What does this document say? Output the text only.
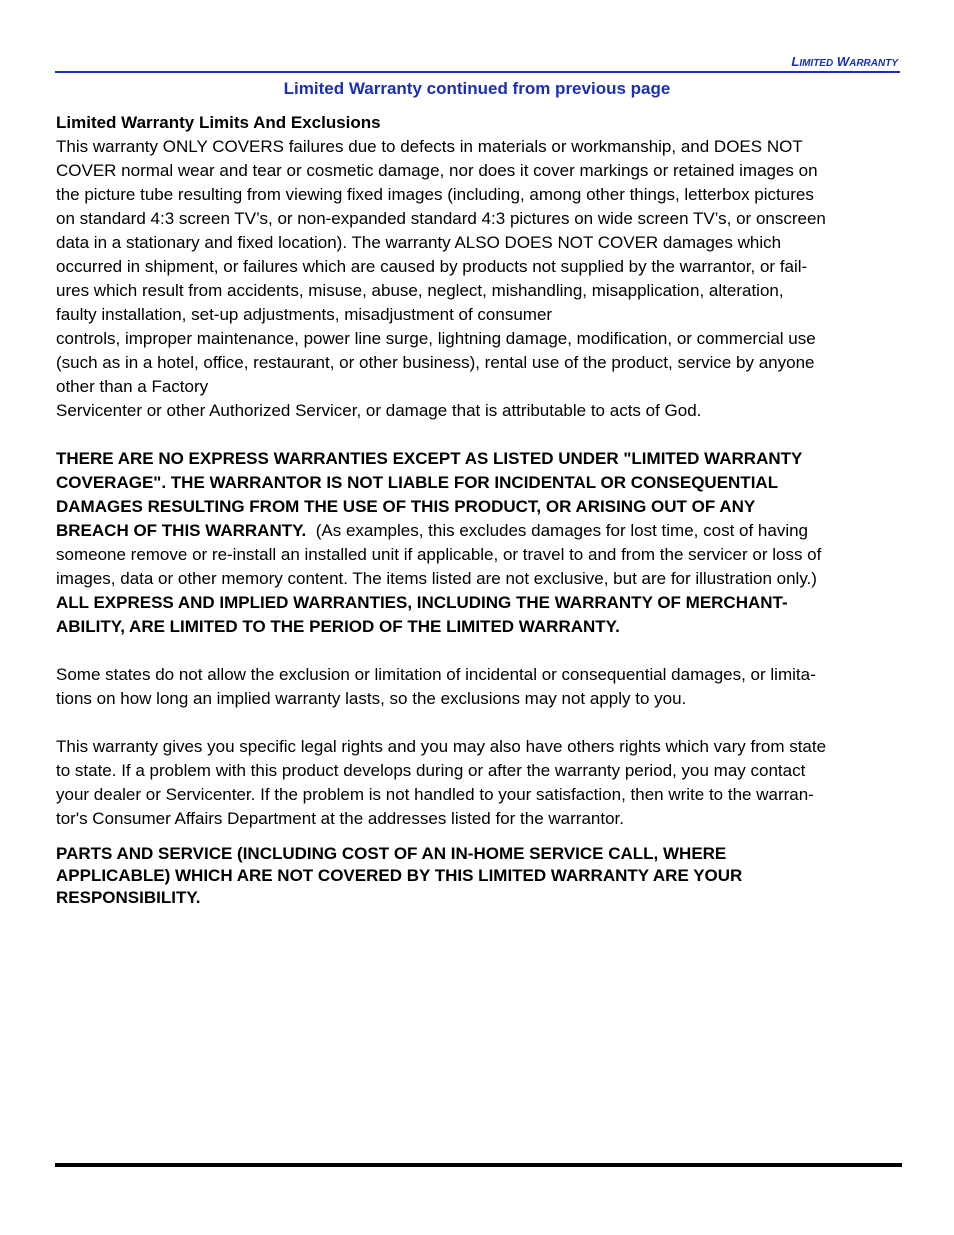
LIMITED WARRANTY
Limited Warranty continued from previous page

Limited Warranty Limits And Exclusions

This warranty ONLY COVERS failures due to defects in materials or workmanship, and DOES NOT

COVER normal wear and tear or cosmetic damage, nor does it cover markings or retained images on

the picture tube resulting from viewing fixed images (including, among other things, letterbox pictures

on standard 4:3 screen TV’s, or non-expanded standard 4:3 pictures on wide screen TV’s, or onscreen

data in a stationary and fixed location). The warranty ALSO DOES NOT COVER damages which

occurred in shipment, or failures which are caused by products not supplied by the warrantor, or fail-

ures which result from accidents, misuse, abuse, neglect, mishandling, misapplication, alteration,

faulty installation, set-up adjustments, misadjustment of consumer

controls, improper maintenance, power line surge, lightning damage, modification, or commercial use

(such as in a hotel, office, restaurant, or other business), rental use of the product, service by anyone

other than a Factory

Servicenter or other Authorized Servicer, or damage that is attributable to acts of God.

THERE ARE NO EXPRESS WARRANTIES EXCEPT AS LISTED UNDER "LIMITED WARRANTY

COVERAGE". THE WARRANTOR IS NOT LIABLE FOR INCIDENTAL OR CONSEQUENTIAL

DAMAGES RESULTING FROM THE USE OF THIS PRODUCT, OR ARISING OUT OF ANY

BREACH OF THIS WARRANTY.  (As examples, this excludes damages for lost time, cost of having

someone remove or re-install an installed unit if applicable, or travel to and from the servicer or loss of

images, data or other memory content. The items listed are not exclusive, but are for illustration only.)

ALL EXPRESS AND IMPLIED WARRANTIES, INCLUDING THE WARRANTY OF MERCHANT-

ABILITY, ARE LIMITED TO THE PERIOD OF THE LIMITED WARRANTY.

Some states do not allow the exclusion or limitation of incidental or consequential damages, or limita-

tions on how long an implied warranty lasts, so the exclusions may not apply to you.

This warranty gives you specific legal rights and you may also have others rights which vary from state

to state. If a problem with this product develops during or after the warranty period, you may contact

your dealer or Servicenter. If the problem is not handled to your satisfaction, then write to the warran-

tor's Consumer Affairs Department at the addresses listed for the warrantor.

PARTS AND SERVICE (INCLUDING COST OF AN IN-HOME SERVICE CALL, WHERE

APPLICABLE) WHICH ARE NOT COVERED BY THIS LIMITED WARRANTY ARE YOUR

RESPONSIBILITY.
